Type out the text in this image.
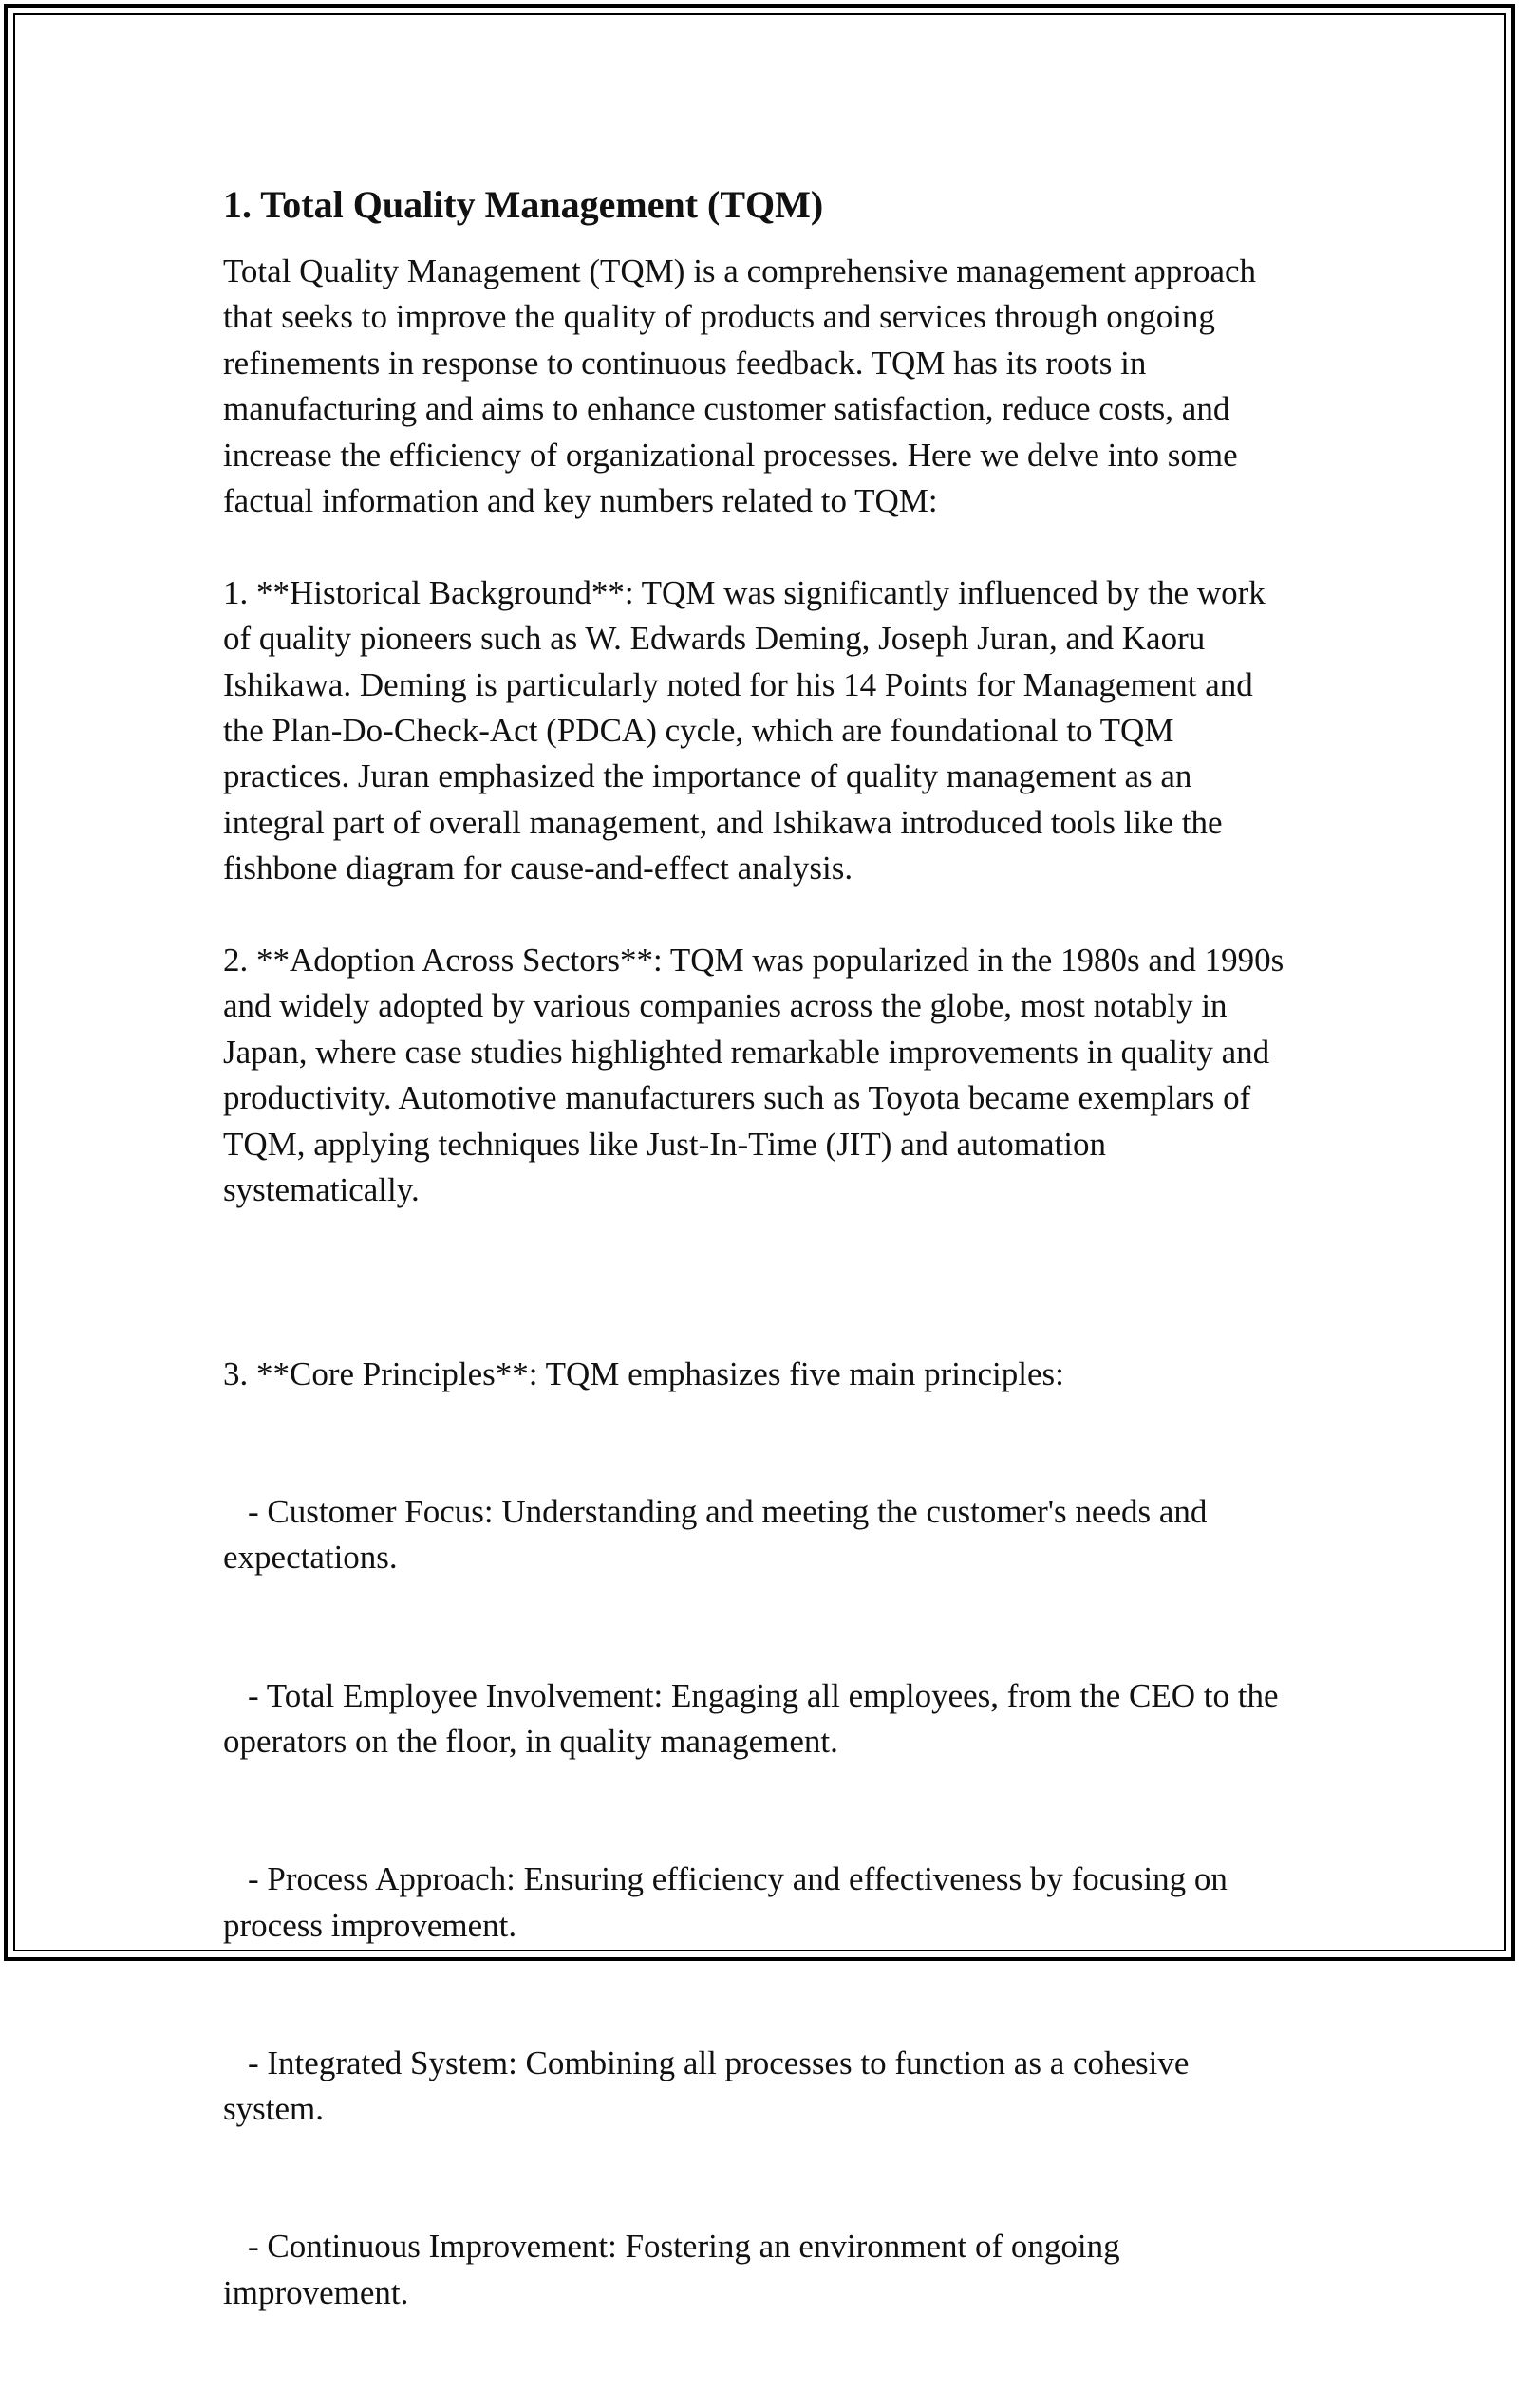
1. Total Quality Management (TQM)

Total Quality Management (TQM) is a comprehensive management approach that seeks to improve the quality of products and services through ongoing refinements in response to continuous feedback. TQM has its roots in manufacturing and aims to enhance customer satisfaction, reduce costs, and increase the efficiency of organizational processes. Here we delve into some factual information and key numbers related to TQM:

1. **Historical Background**: TQM was significantly influenced by the work of quality pioneers such as W. Edwards Deming, Joseph Juran, and Kaoru Ishikawa. Deming is particularly noted for his 14 Points for Management and the Plan-Do-Check-Act (PDCA) cycle, which are foundational to TQM practices. Juran emphasized the importance of quality management as an integral part of overall management, and Ishikawa introduced tools like the fishbone diagram for cause-and-effect analysis.

2. **Adoption Across Sectors**: TQM was popularized in the 1980s and 1990s and widely adopted by various companies across the globe, most notably in Japan, where case studies highlighted remarkable improvements in quality and productivity. Automotive manufacturers such as Toyota became exemplars of TQM, applying techniques like Just-In-Time (JIT) and automation systematically.

3. **Core Principles**: TQM emphasizes five main principles:

- Customer Focus: Understanding and meeting the customer's needs and expectations.

- Total Employee Involvement: Engaging all employees, from the CEO to the operators on the floor, in quality management.

- Process Approach: Ensuring efficiency and effectiveness by focusing on process improvement.

- Integrated System: Combining all processes to function as a cohesive system.

- Continuous Improvement: Fostering an environment of ongoing improvement.
